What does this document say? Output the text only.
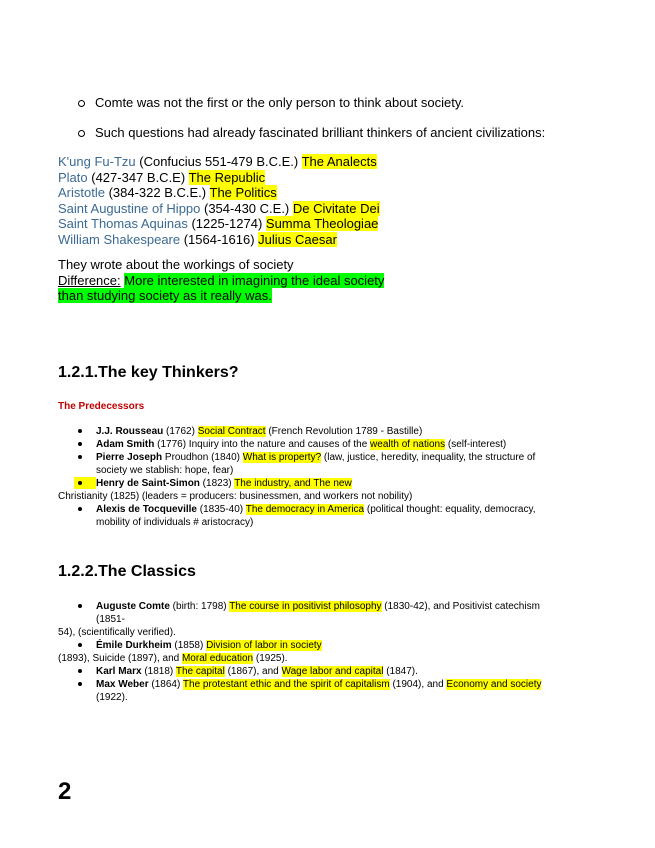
Comte was not the first or the only person to think about society.
Such questions had already fascinated brilliant thinkers of ancient civilizations:
K'ung Fu-Tzu (Confucius 551-479 B.C.E.) The Analects
Plato (427-347 B.C.E) The Republic
Aristotle (384-322 B.C.E.) The Politics
Saint Augustine of Hippo (354-430 C.E.) De Civitate Dei
Saint Thomas Aquinas (1225-1274) Summa Theologiae
William Shakespeare (1564-1616) Julius Caesar
They wrote about the workings of society
Difference: More interested in imagining the ideal society
than studying society as it really was.
1.2.1.The key Thinkers?
The Predecessors
J.J. Rousseau (1762) Social Contract (French Revolution 1789 - Bastille)
Adam Smith (1776) Inquiry into the nature and causes of the wealth of nations (self-interest)
Pierre Joseph Proudhon (1840) What is property? (law, justice, heredity, inequality, the structure of
society we stablish: hope, fear)
Henry de Saint-Simon (1823) The industry, and The new
Christianity (1825) (leaders = producers: businessmen, and workers not nobility)
Alexis de Tocqueville (1835-40) The democracy in America (political thought: equality, democracy,
mobility of individuals # aristocracy)
1.2.2.The Classics
Auguste Comte (birth: 1798) The course in positivist philosophy (1830-42), and Positivist catechism
(1851-
54), (scientifically verified).
Émile Durkheim (1858) Division of labor in society
(1893), Suicide (1897), and Moral education (1925).
Karl Marx (1818) The capital (1867), and Wage labor and capital (1847).
Max Weber (1864) The protestant ethic and the spirit of capitalism (1904), and Economy and society
(1922).
2
